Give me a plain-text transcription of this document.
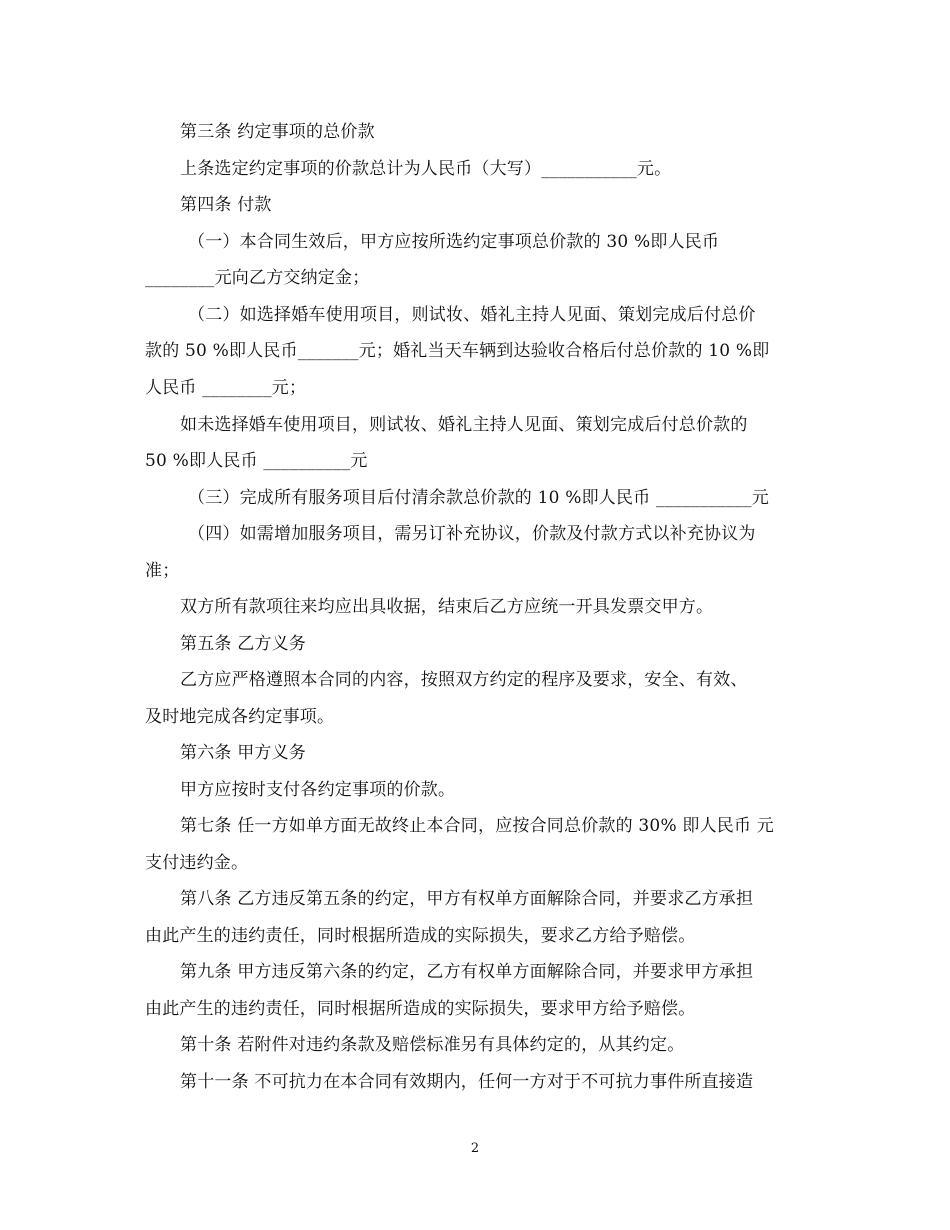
第三条 约定事项的总价款
上条选定约定事项的价款总计为人民币（大写）___________元。
第四条 付款
（一）本合同生效后，甲方应按所选约定事项总价款的 30 %即人民币
________元向乙方交纳定金；
（二）如选择婚车使用项目，则试妆、婚礼主持人见面、策划完成后付总价
款的 50 %即人民币_______元；婚礼当天车辆到达验收合格后付总价款的 10 %即
人民币 ________元；
如未选择婚车使用项目，则试妆、婚礼主持人见面、策划完成后付总价款的
50 %即人民币 __________元
（三）完成所有服务项目后付清余款总价款的 10 %即人民币 ___________元
（四）如需增加服务项目，需另订补充协议，价款及付款方式以补充协议为
准；
双方所有款项往来均应出具收据，结束后乙方应统一开具发票交甲方。
第五条 乙方义务
乙方应严格遵照本合同的内容，按照双方约定的程序及要求，安全、有效、
及时地完成各约定事项。
第六条 甲方义务
甲方应按时支付各约定事项的价款。
第七条 任一方如单方面无故终止本合同，应按合同总价款的 30% 即人民币 元
支付违约金。
第八条 乙方违反第五条的约定，甲方有权单方面解除合同，并要求乙方承担
由此产生的违约责任，同时根据所造成的实际损失，要求乙方给予赔偿。
第九条 甲方违反第六条的约定，乙方有权单方面解除合同，并要求甲方承担
由此产生的违约责任，同时根据所造成的实际损失，要求甲方给予赔偿。
第十条 若附件对违约条款及赔偿标准另有具体约定的，从其约定。
第十一条 不可抗力在本合同有效期内，任何一方对于不可抗力事件所直接造
2
